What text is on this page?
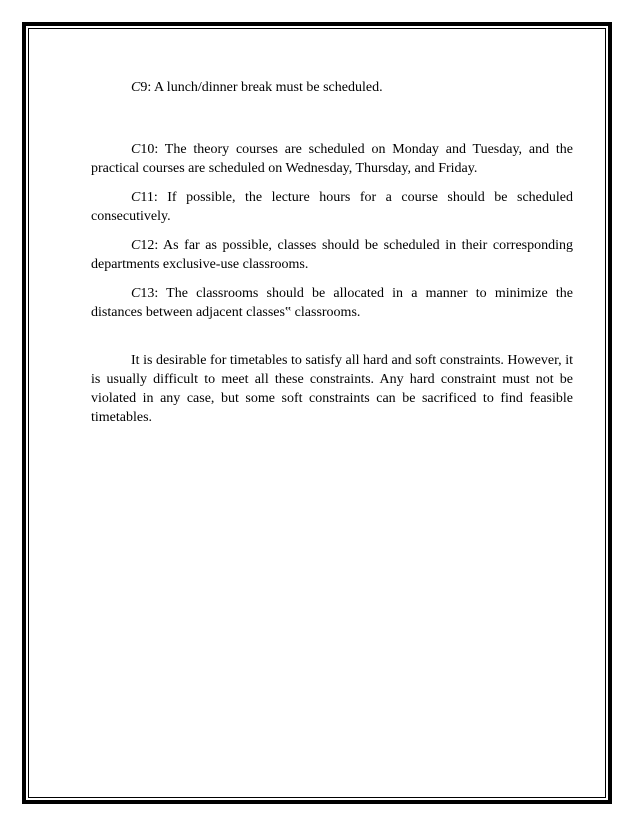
C9: A lunch/dinner break must be scheduled.

C10: The theory courses are scheduled on Monday and Tuesday, and the practical courses are scheduled on Wednesday, Thursday, and Friday.

C11: If possible, the lecture hours for a course should be scheduled consecutively.

C12: As far as possible, classes should be scheduled in their corresponding departments exclusive-use classrooms.

C13: The classrooms should be allocated in a manner to minimize the distances between adjacent classes‟ classrooms.

It is desirable for timetables to satisfy all hard and soft constraints. However, it is usually difficult to meet all these constraints. Any hard constraint must not be violated in any case, but some soft constraints can be sacrificed to find feasible timetables.
